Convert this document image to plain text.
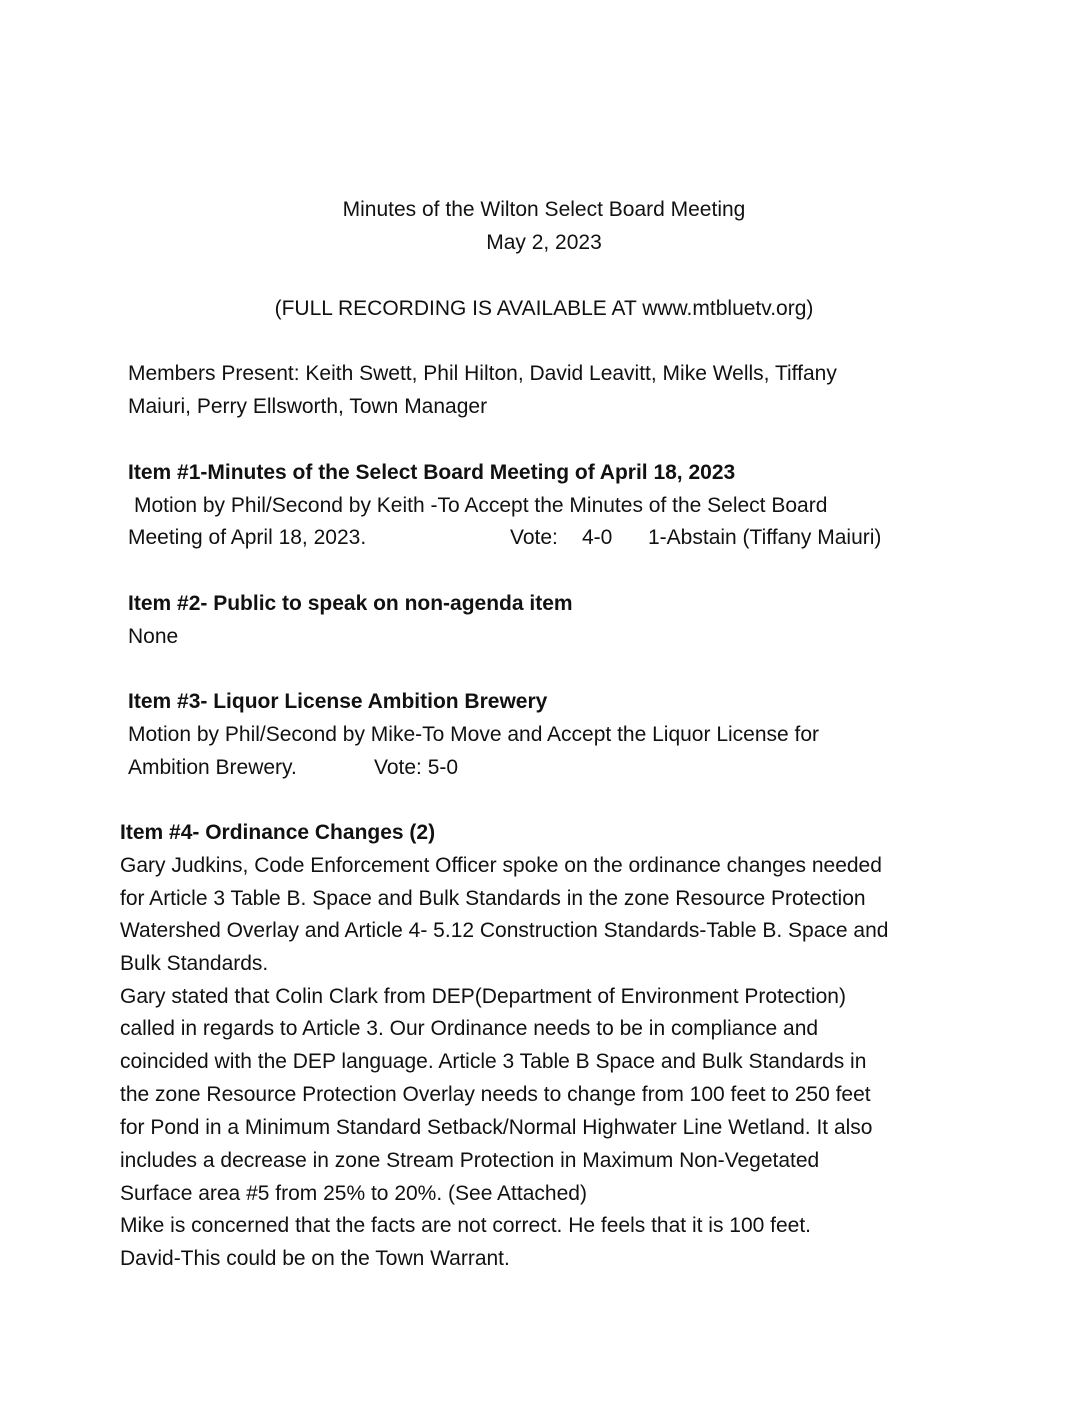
Minutes of the Wilton Select Board Meeting
May 2, 2023
(FULL RECORDING IS AVAILABLE AT www.mtbluetv.org)
Members Present: Keith Swett, Phil Hilton, David Leavitt, Mike Wells, Tiffany
Maiuri, Perry Ellsworth, Town Manager
Item #1-Minutes of the Select Board Meeting of April 18, 2023
Motion by Phil/Second by Keith -To Accept the Minutes of the Select Board
Meeting of April 18, 2023.	Vote: 4-0 1-Abstain (Tiffany Maiuri)
Item #2- Public to speak on non-agenda item
None
Item #3- Liquor License Ambition Brewery
Motion by Phil/Second by Mike-To Move and Accept the Liquor License for
Ambition Brewery.	Vote: 5-0
Item #4- Ordinance Changes (2)
Gary Judkins, Code Enforcement Officer spoke on the ordinance changes needed
for Article 3 Table B. Space and Bulk Standards in the zone Resource Protection
Watershed Overlay and Article 4- 5.12 Construction Standards-Table B. Space and
Bulk Standards.
Gary stated that Colin Clark from DEP(Department of Environment Protection)
called in regards to Article 3. Our Ordinance needs to be in compliance and
coincided with the DEP language. Article 3 Table B Space and Bulk Standards in
the zone Resource Protection Overlay needs to change from 100 feet to 250 feet
for Pond in a Minimum Standard Setback/Normal Highwater Line Wetland. It also
includes a decrease in zone Stream Protection in Maximum Non-Vegetated
Surface area #5 from 25% to 20%. (See Attached)
Mike is concerned that the facts are not correct. He feels that it is 100 feet.
David-This could be on the Town Warrant.
